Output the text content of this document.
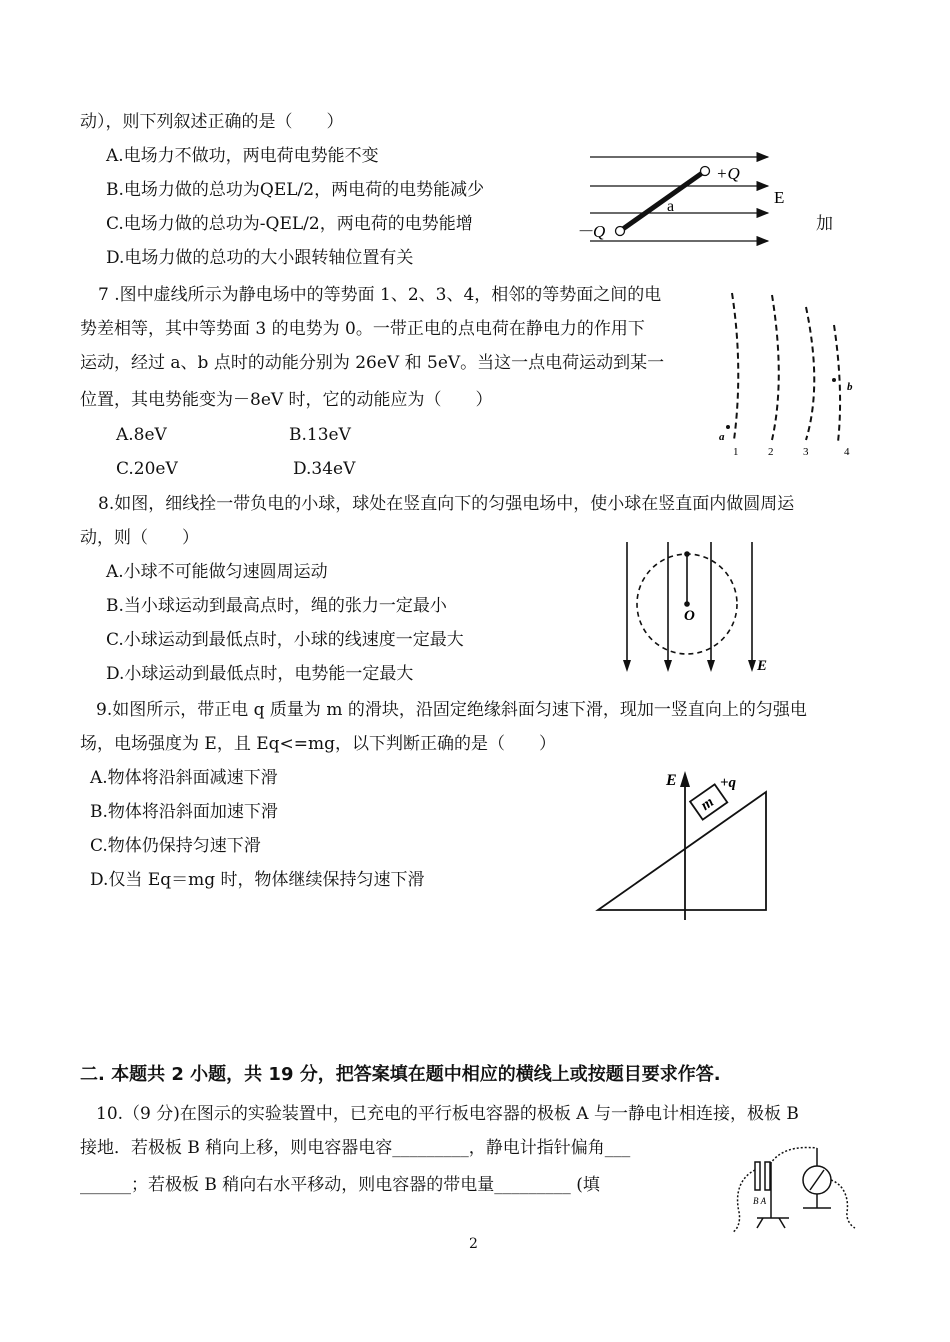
动），则下列叙述正确的是（　　）
A.电场力不做功，两电荷电势能不变
B.电场力做的总功为QEL/2，两电荷的电势能减少
C.电场力做的总功为-QEL/2，两电荷的电势能增	加
D.电场力做的总功的大小跟转轴位置有关
+Q
－Q
a	E
7 .图中虚线所示为静电场中的等势面 1、2、3、4，相邻的等势面之间的电
势差相等，其中等势面 3 的电势为 0。一带正电的点电荷在静电力的作用下
运动，经过 a、b 点时的动能分别为 26eV 和 5eV。当这一点电荷运动到某一
位置，其电势能变为－8eV 时，它的动能应为（　　）
A.8eV	B.13eV
C.20eV	D.34eV
a
b
1	2	3	4
8.如图，细线拴一带负电的小球，球处在竖直向下的匀强电场中，使小球在竖直面内做圆周运
动，则（　　）
A.小球不可能做匀速圆周运动
B.当小球运动到最高点时，绳的张力一定最小
C.小球运动到最低点时，小球的线速度一定最大
D.小球运动到最低点时，电势能一定最大
O
E
9.如图所示，带正电 q 质量为 m 的滑块，沿固定绝缘斜面匀速下滑，现加一竖直向上的匀强电
场，电场强度为 E，且 Eq<=mg，以下判断正确的是（　　）
A.物体将沿斜面减速下滑
B.物体将沿斜面加速下滑
C.物体仍保持匀速下滑
D.仅当 Eq＝mg 时，物体继续保持匀速下滑
m
E	+q
二. 本题共 2 小题，共 19 分，把答案填在题中相应的横线上或按题目要求作答.
10.（9 分)在图示的实验装置中，已充电的平行板电容器的极板 A 与一静电计相连接，极板 B
接地．若极板 B 稍向上移，则电容器电容_________，静电计指针偏角___
______；若极板 B 稍向右水平移动，则电容器的带电量_________ (填
B A
2
